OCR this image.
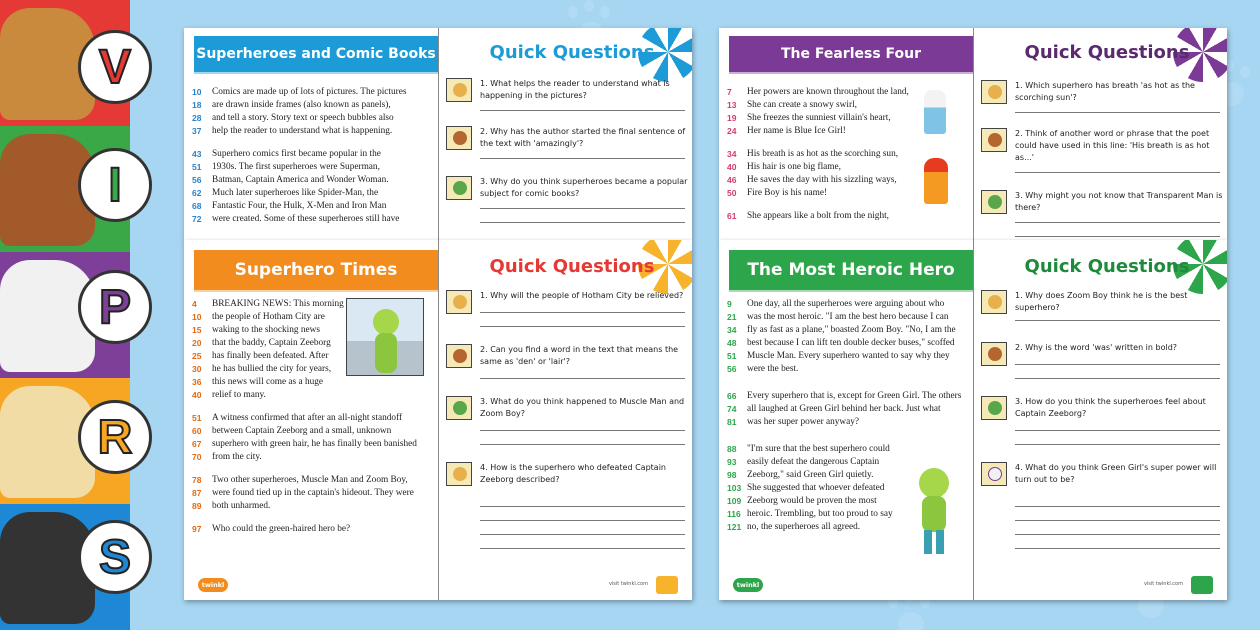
V
I
P
R
S
Superheroes and Comic Books	Quick Questions
10	Comics are made up of lots of pictures. The pictures
18	are drawn inside frames (also known as panels),
28	and tell a story. Story text or speech bubbles also
37	help the reader to understand what is happening.
43	Superhero comics first became popular in the
51	1930s. The first superheroes were Superman,
56	Batman, Captain America and Wonder Woman.
62	Much later superheroes like Spider-Man, the
68	Fantastic Four, the Hulk, X-Men and Iron Man
72	were created. Some of these superheroes still have
1. What helps the reader to understand what is happening in the pictures?
2. Why has the author started the final sentence of the text with 'amazingly'?
3. Why do you think superheroes became a popular subject for comic books?
The Fearless Four	Quick Questions
7	Her powers are known throughout the land,
13	She can create a snowy swirl,
19	She freezes the sunniest villain's heart,
24	Her name is Blue Ice Girl!
34	His breath is as hot as the scorching sun,
40	His hair is one big flame,
46	He saves the day with his sizzling ways,
50	Fire Boy is his name!
61	She appears like a bolt from the night,
1. Which superhero has breath 'as hot as the scorching sun'?
2. Think of another word or phrase that the poet could have used in this line: 'His breath is as hot as...'
3. Why might you not know that Transparent Man is there?
Superhero Times	Quick Questions
4	BREAKING NEWS: This morning
10	the people of Hotham City are
15	waking to the shocking news
20	that the baddy, Captain Zeeborg
25	has finally been defeated. After
30	he has bullied the city for years,
36	this news will come as a huge
40	relief to many.
51	A witness confirmed that after an all-night standoff
60	between Captain Zeeborg and a small, unknown
67	superhero with green hair, he has finally been banished
70	from the city.
78	Two other superheroes, Muscle Man and Zoom Boy,
87	were found tied up in the captain's hideout. They were
89	both unharmed.
97	Who could the green-haired hero be?
1. Why will the people of Hotham City be relieved?
2. Can you find a word in the text that means the same as 'den' or 'lair'?
3. What do you think happened to Muscle Man and Zoom Boy?
4. How is the superhero who defeated Captain Zeeborg described?
twinkl	visit twinkl.com
The Most Heroic Hero	Quick Questions
9	One day, all the superheroes were arguing about who
21	was the most heroic. "I am the best hero because I can
34	fly as fast as a plane," boasted Zoom Boy. "No, I am the
48	best because I can lift ten double decker buses," scoffed
51	Muscle Man. Every superhero wanted to say why they
56	were the best.
66	Every superhero that is, except for Green Girl. The others
74	all laughed at Green Girl behind her back. Just what
81	was her super power anyway?
88	"I'm sure that the best superhero could
93	easily defeat the dangerous Captain
98	Zeeborg," said Green Girl quietly.
103 She suggested that whoever defeated
109 Zeeborg would be proven the most
116 heroic. Trembling, but too proud to say
121 no, the superheroes all agreed.
1. Why does Zoom Boy think he is the best superhero?
2. Why is the word 'was' written in bold?
3. How do you think the superheroes feel about Captain Zeeborg?
4. What do you think Green Girl's super power will turn out to be?
twinkl	visit twinkl.com
